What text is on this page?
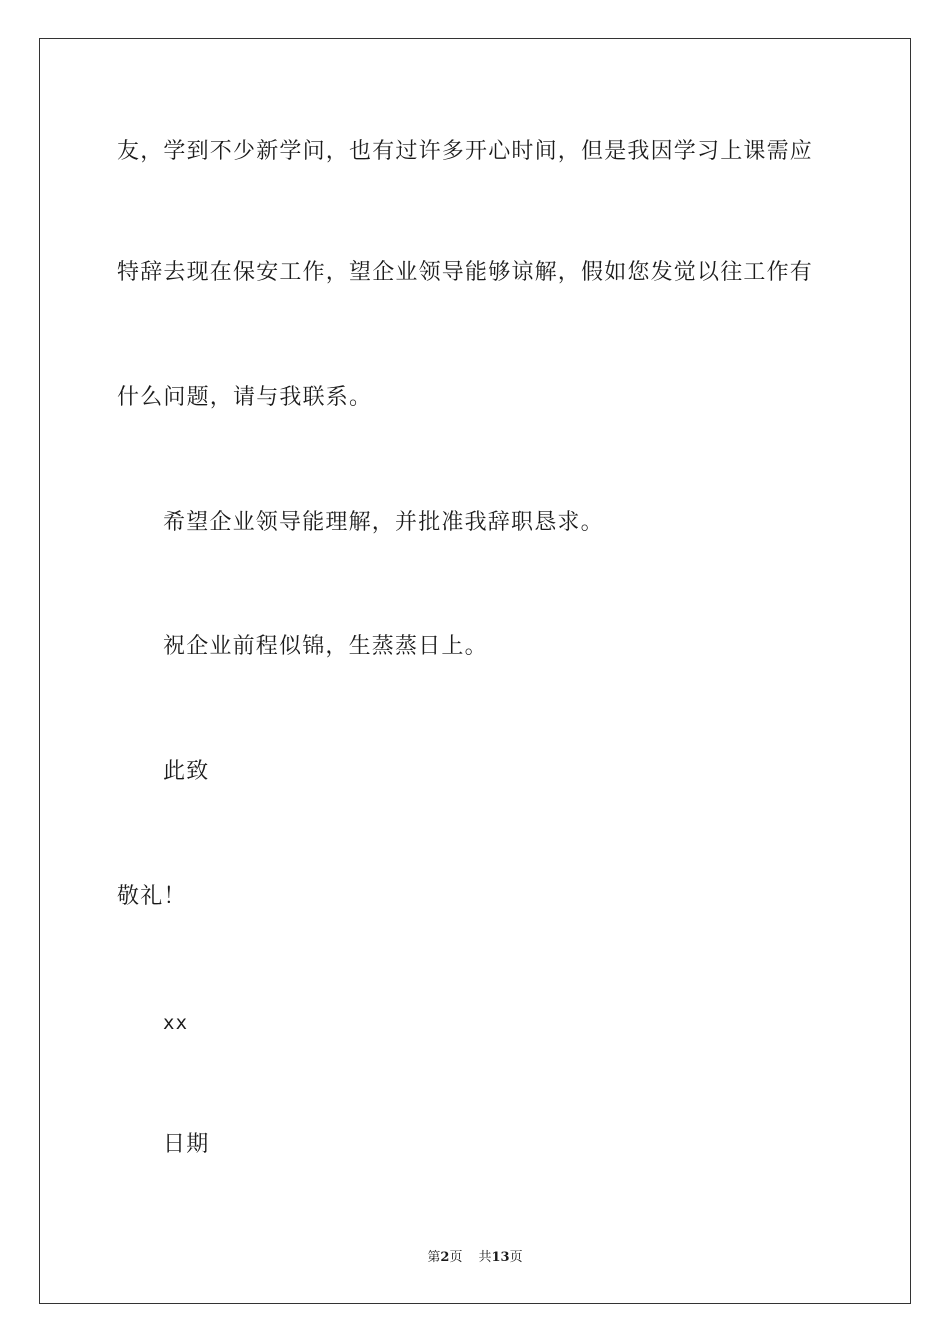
友，学到不少新学问，也有过许多开心时间，但是我因学习上课需应
特辞去现在保安工作，望企业领导能够谅解，假如您发觉以往工作有
什么问题，请与我联系。
希望企业领导能理解，并批准我辞职恳求。
祝企业前程似锦，生蒸蒸日上。
此致
敬礼！
xx
日期
第2页 共13页
